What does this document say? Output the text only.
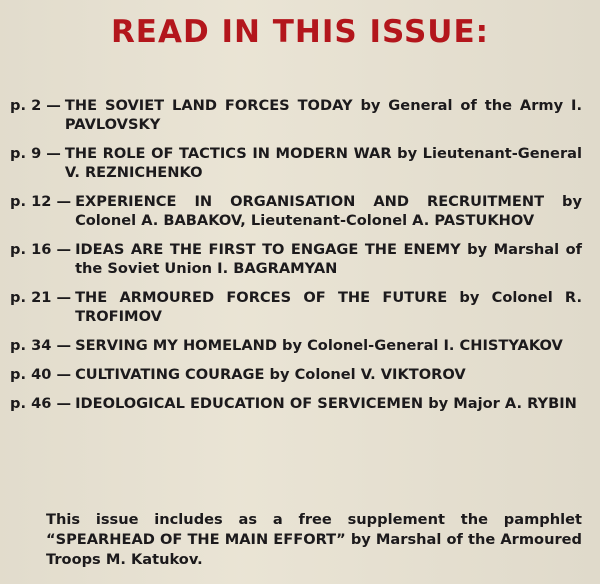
READ IN THIS ISSUE:
p. 2 — THE SOVIET LAND FORCES TODAY by General of the Army I. PAVLOVSKY
p. 9 — THE ROLE OF TACTICS IN MODERN WAR by Lieutenant-General V. REZNICHENKO
p. 12 — EXPERIENCE IN ORGANISATION AND RECRUITMENT by Colonel A. BABAKOV, Lieutenant-Colonel A. PASTUKHOV
p. 16 — IDEAS ARE THE FIRST TO ENGAGE THE ENEMY by Marshal of the Soviet Union I. BAGRAMYAN
p. 21 — THE ARMOURED FORCES OF THE FUTURE by Colonel R. TROFIMOV
p. 34 — SERVING MY HOMELAND by Colonel-General I. CHISTYAKOV
p. 40 — CULTIVATING COURAGE by Colonel V. VIKTOROV
p. 46 — IDEOLOGICAL EDUCATION OF SERVICEMEN by Major A. RYBIN

This issue includes as a free supplement the pamphlet “SPEARHEAD OF THE MAIN EFFORT” by Marshal of the Armoured Troops M. Katukov.
